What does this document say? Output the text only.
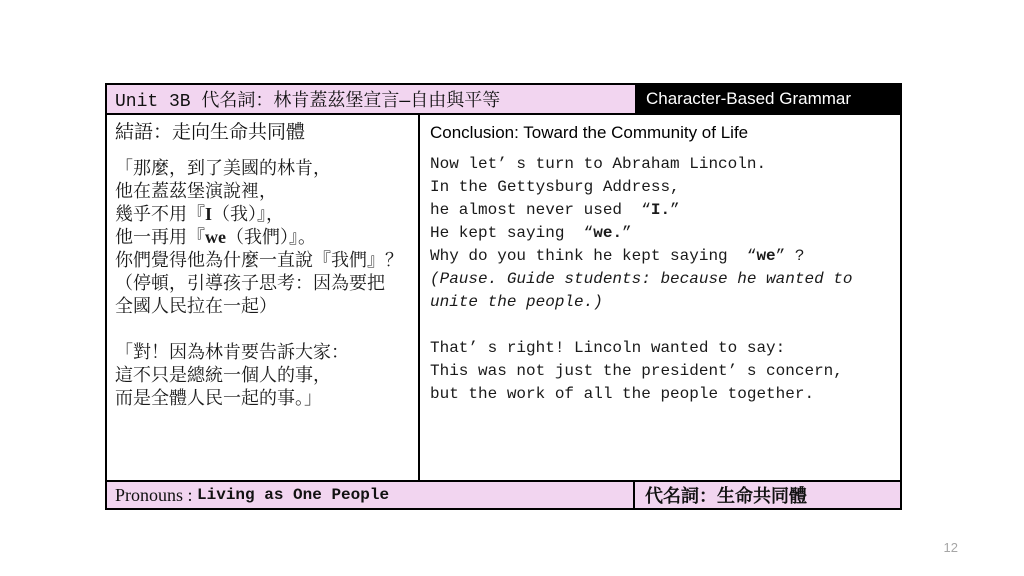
Unit 3B 代名詞：林肯蓋茲堡宣言—自由與平等	Character-Based Grammar
結語：走向生命共同體
「那麼，到了美國的林肯，
他在蓋茲堡演說裡，
幾乎不用『I（我）』，
他一再用『we（我們）』。
你們覺得他為什麼一直說『我們』？
（停頓，引導孩子思考：因為要把
全國人民拉在一起）
「對！因為林肯要告訴大家：
這不只是總統一個人的事，
而是全體人民一起的事。」
Conclusion: Toward the Community of Life
Now let’ s turn to Abraham Lincoln.
In the Gettysburg Address,
he almost never used  “I.”
He kept saying  “we.”
Why do you think he kept saying  “we” ?
(Pause. Guide students: because he wanted to
unite the people.)
That’ s right! Lincoln wanted to say:
This was not just the president’ s concern,
but the work of all the people together.
Pronouns : Living as One People	代名詞：生命共同體
12
